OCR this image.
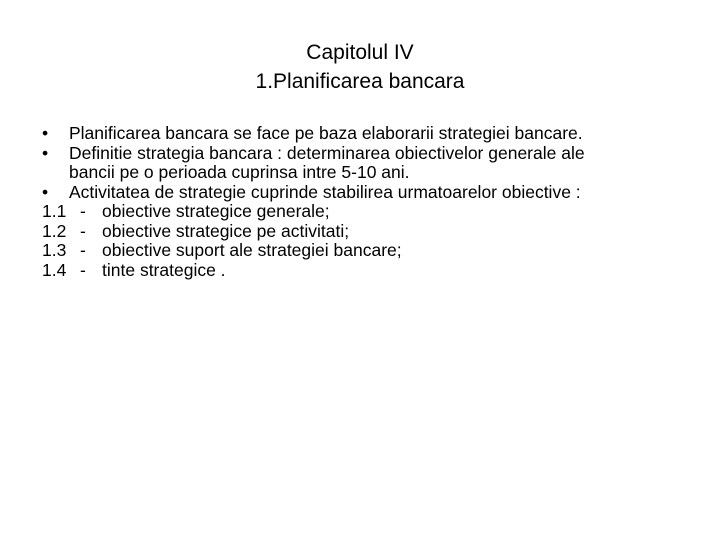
Capitolul IV
1.Planificarea bancara
•	Planificarea bancara se face pe baza elaborarii strategiei bancare.
•	Definitie strategia bancara : determinarea obiectivelor generale ale
bancii pe o perioada cuprinsa intre 5-10 ani.
•	Activitatea de strategie cuprinde stabilirea urmatoarelor obiective :
1.1 - obiective strategice generale;
1.2 - obiective strategice pe activitati;
1.3 - obiective suport ale strategiei bancare;
1.4 - tinte strategice .
